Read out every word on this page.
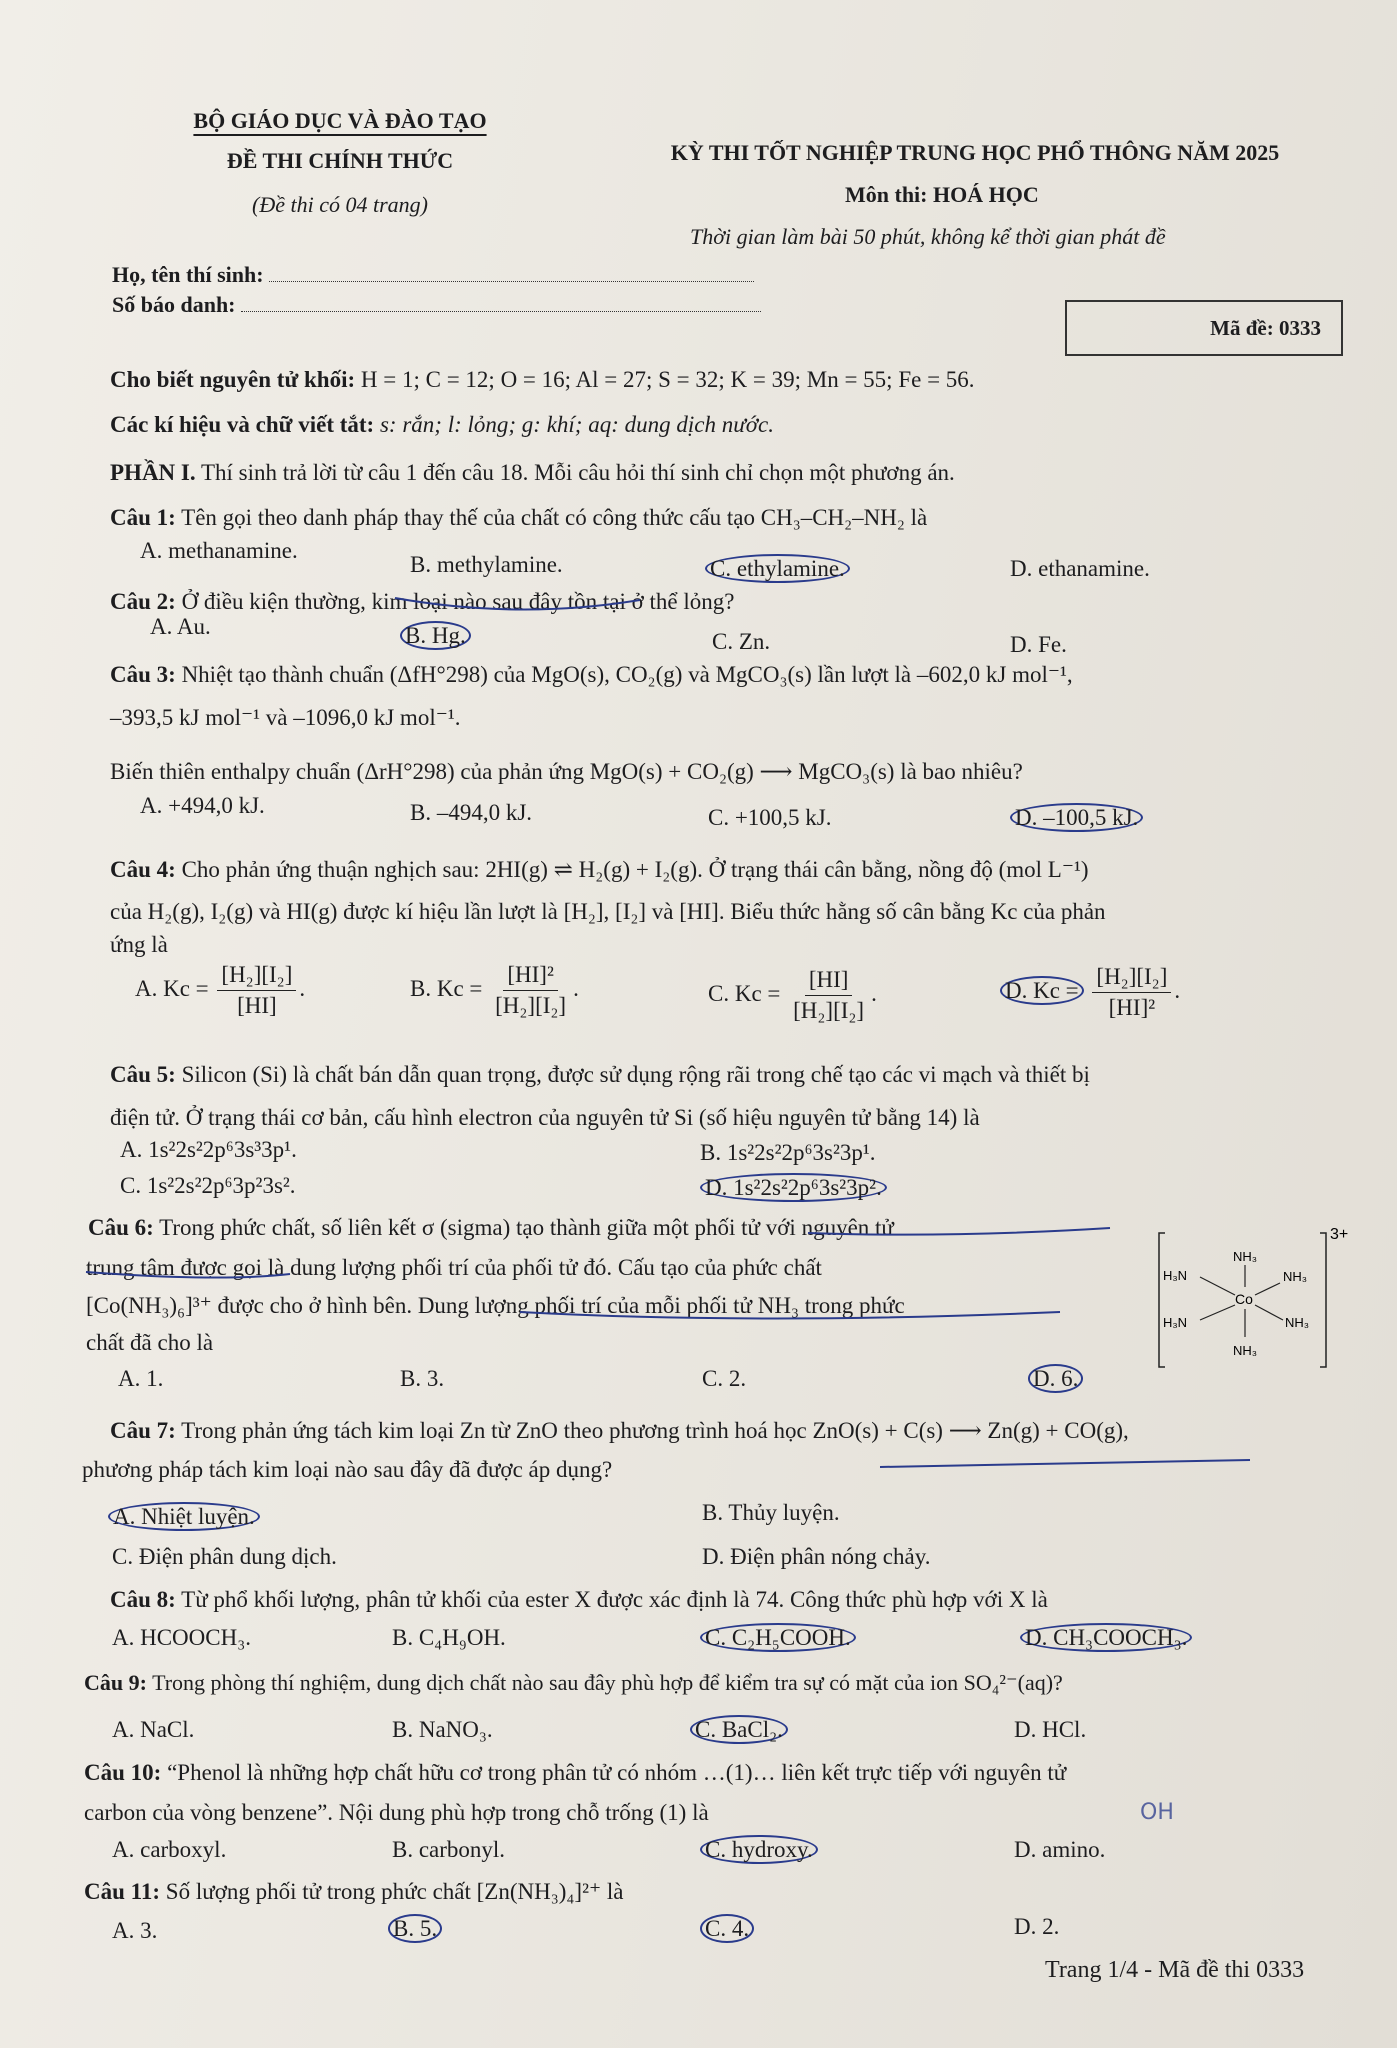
BỘ GIÁO DỤC VÀ ĐÀO TẠO
ĐỀ THI CHÍNH THỨC
(Đề thi có 04 trang)
KỲ THI TỐT NGHIỆP TRUNG HỌC PHỔ THÔNG NĂM 2025
Môn thi: HOÁ HỌC
Thời gian làm bài 50 phút, không kể thời gian phát đề
Họ, tên thí sinh:
Số báo danh:
Mã đề: 0333
Cho biết nguyên tử khối: H = 1; C = 12; O = 16; Al = 27; S = 32; K = 39; Mn = 55; Fe = 56.
Các kí hiệu và chữ viết tắt: s: rắn; l: lỏng; g: khí; aq: dung dịch nước.
PHẦN I. Thí sinh trả lời từ câu 1 đến câu 18. Mỗi câu hỏi thí sinh chỉ chọn một phương án.
Câu 1: Tên gọi theo danh pháp thay thế của chất có công thức cấu tạo CH₃–CH₂–NH₂ là
A. methanamine.
B. methylamine.	C. ethylamine.	D. ethanamine.
Câu 2: Ở điều kiện thường, kim loại nào sau đây tồn tại ở thể lỏng?
A. Au.	B. Hg.	C. Zn.	D. Fe.
Câu 3: Nhiệt tạo thành chuẩn (ΔfH°298) của MgO(s), CO₂(g) và MgCO₃(s) lần lượt là –602,0 kJ mol⁻¹,
–393,5 kJ mol⁻¹ và –1096,0 kJ mol⁻¹.
Biến thiên enthalpy chuẩn (ΔrH°298) của phản ứng MgO(s) + CO₂(g) ⟶ MgCO₃(s) là bao nhiêu?
A. +494,0 kJ.	B. –494,0 kJ.	C. +100,5 kJ.	D. –100,5 kJ.
Câu 4: Cho phản ứng thuận nghịch sau: 2HI(g) ⇌ H₂(g) + I₂(g). Ở trạng thái cân bằng, nồng độ (mol L⁻¹)
của H₂(g), I₂(g) và HI(g) được kí hiệu lần lượt là [H₂], [I₂] và [HI]. Biểu thức hằng số cân bằng Kc của phản
ứng là
A. $Kc = \frac{\text{[H₂][I₂]}}{[HI]}$ .	B. $Kc = \frac{\text{[HI]²}}{\text{[H₂][I₂]}}$ .	C. $Kc = \frac{[HI]}{\text{[H₂][I₂]}}$ .	D. $Kc = \frac{\text{[H₂][I₂]}}{\text{[HI]²}}$ .
Câu 5: Silicon (Si) là chất bán dẫn quan trọng, được sử dụng rộng rãi trong chế tạo các vi mạch và thiết bị
điện tử. Ở trạng thái cơ bản, cấu hình electron của nguyên tử Si (số hiệu nguyên tử bằng 14) là
A. 1s²2s²2p⁶3s³3p¹.	B. 1s²2s²2p⁶3s²3p¹.
C. 1s²2s²2p⁶3p²3s².	D. 1s²2s²2p⁶3s²3p².
Câu 6: Trong phức chất, số liên kết σ (sigma) tạo thành giữa một phối tử với nguyên tử
trung tâm được gọi là dung lượng phối trí của phối tử đó. Cấu tạo của phức chất
[Co(NH₃)₆]³⁺ được cho ở hình bên. Dung lượng phối trí của mỗi phối tử NH₃ trong phức
chất đã cho là
A. 1.	B. 3.	C. 2.	D. 6.
3+
NH₃
H₃N	NH₃
Co
H₃N	NH₃
NH₃
Câu 7: Trong phản ứng tách kim loại Zn từ ZnO theo phương trình hoá học ZnO(s) + C(s) ⟶ Zn(g) + CO(g),
phương pháp tách kim loại nào sau đây đã được áp dụng?
A. Nhiệt luyện.	B. Thủy luyện.
C. Điện phân dung dịch.	D. Điện phân nóng chảy.
Câu 8: Từ phổ khối lượng, phân tử khối của ester X được xác định là 74. Công thức phù hợp với X là
A. HCOOCH₃.	B. C₄H₉OH.	C. C₂H₅COOH.	D. CH₃COOCH₃.
Câu 9: Trong phòng thí nghiệm, dung dịch chất nào sau đây phù hợp để kiểm tra sự có mặt của ion SO₄²⁻(aq)?
A. NaCl.	B. NaNO₃.	C. BaCl₂.	D. HCl.
Câu 10: “Phenol là những hợp chất hữu cơ trong phân tử có nhóm …(1)… liên kết trực tiếp với nguyên tử
carbon của vòng benzene”. Nội dung phù hợp trong chỗ trống (1) là
A. carboxyl.	B. carbonyl.	C. hydroxy.	D. amino.
OH
Câu 11: Số lượng phối tử trong phức chất [Zn(NH₃)₄]²⁺ là
A. 3.	B. 5.	C. 4.	D. 2.
Trang 1/4 - Mã đề thi 0333
